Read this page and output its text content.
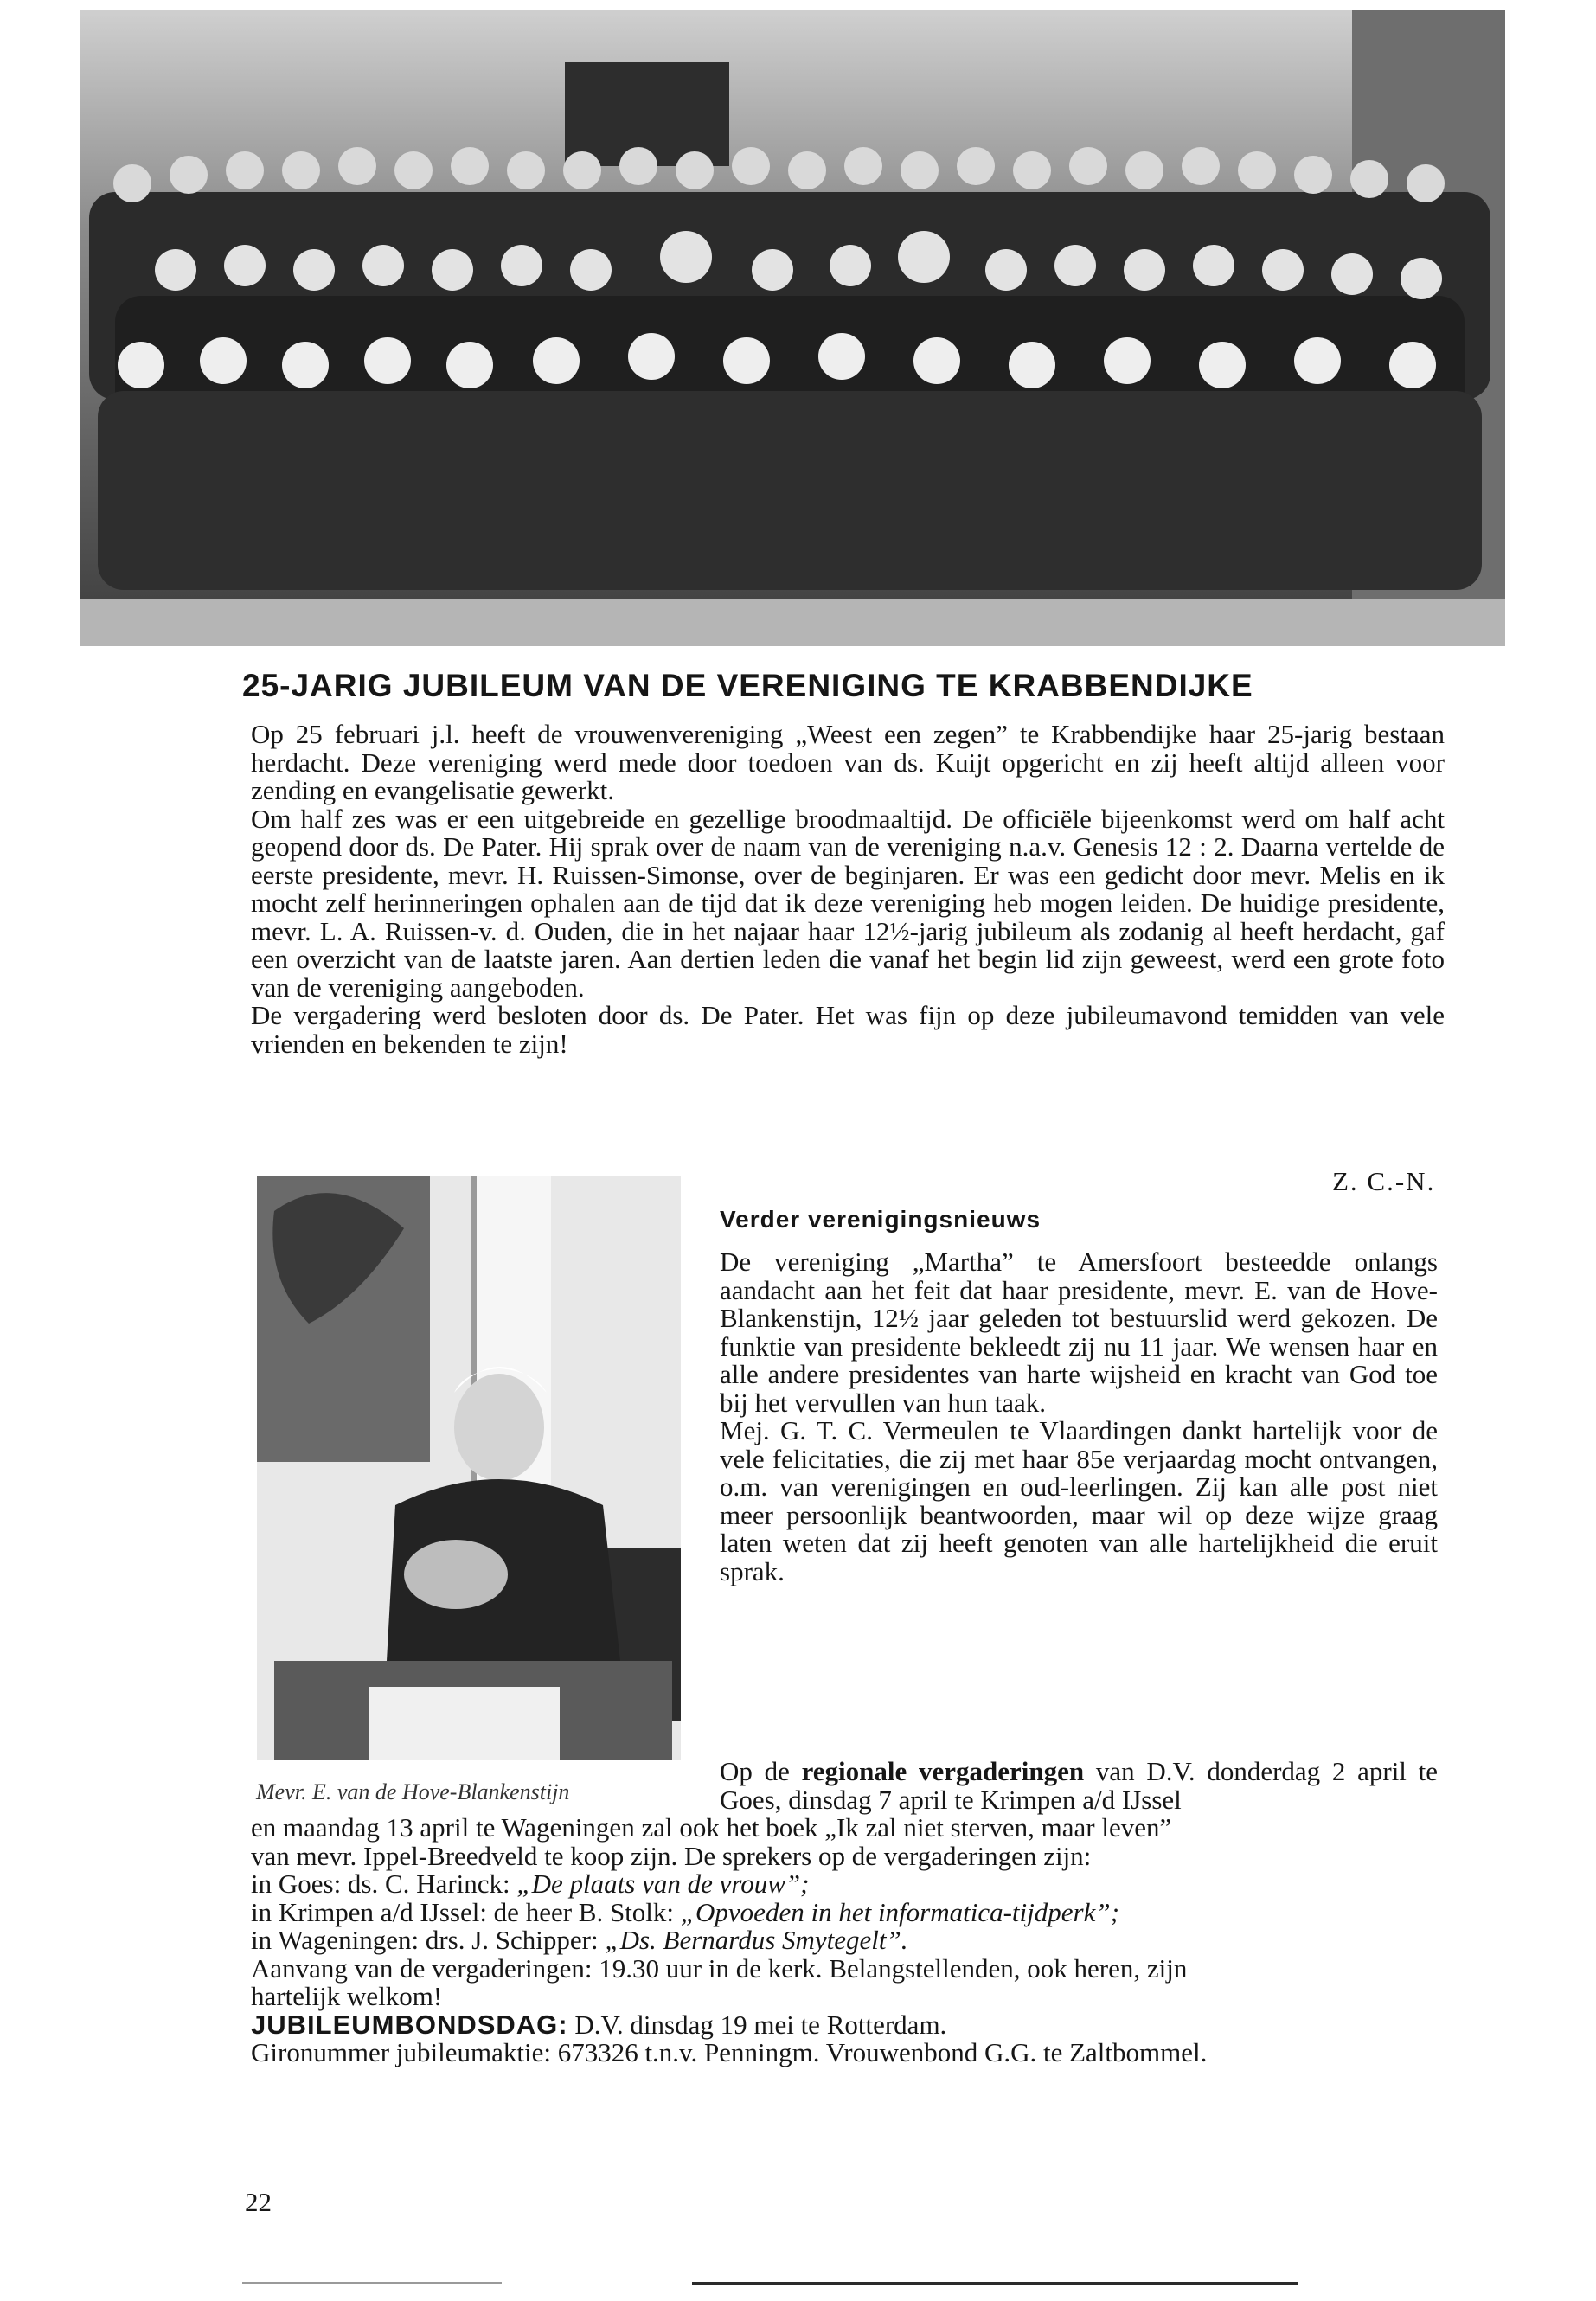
25-JARIG JUBILEUM VAN DE VERENIGING TE KRABBENDIJKE

Op 25 februari j.l. heeft de vrouwenvereniging „Weest een zegen” te Krabbendijke haar 25-jarig bestaan herdacht. Deze vereniging werd mede door toedoen van ds. Kuijt opgericht en zij heeft altijd alleen voor zending en evangelisatie gewerkt.

Om half zes was er een uitgebreide en gezellige broodmaaltijd. De officiële bijeenkomst werd om half acht geopend door ds. De Pater. Hij sprak over de naam van de vereniging n.a.v. Genesis 12 : 2. Daarna vertelde de eerste presidente, mevr. H. Ruissen-Simonse, over de beginjaren. Er was een gedicht door mevr. Melis en ik mocht zelf herinneringen ophalen aan de tijd dat ik deze vereniging heb mogen leiden. De huidige presidente, mevr. L. A. Ruissen-v. d. Ouden, die in het najaar haar 12½-jarig jubileum als zodanig al heeft herdacht, gaf een overzicht van de laatste jaren. Aan dertien leden die vanaf het begin lid zijn geweest, werd een grote foto van de vereniging aangeboden.

De vergadering werd besloten door ds. De Pater. Het was fijn op deze jubileumavond temidden van vele vrienden en bekenden te zijn!

Z. C.-N.
Verder verenigingsnieuws

De vereniging „Martha” te Amersfoort besteedde onlangs aandacht aan het feit dat haar presidente, mevr. E. van de Hove-Blankenstijn, 12½ jaar geleden tot bestuurslid werd gekozen. De funktie van presidente bekleedt zij nu 11 jaar. We wensen haar en alle andere presidentes van harte wijsheid en kracht van God toe bij het vervullen van hun taak.

Mej. G. T. C. Vermeulen te Vlaardingen dankt hartelijk voor de vele felicitaties, die zij met haar 85e verjaardag mocht ontvangen, o.m. van verenigingen en oud-leerlingen. Zij kan alle post niet meer persoonlijk beantwoorden, maar wil op deze wijze graag laten weten dat zij heeft genoten van alle hartelijkheid die eruit sprak.

Mevr. E. van de Hove-Blankenstijn
Op de regionale vergaderingen van D.V. donderdag 2 april te Goes, dinsdag 7 april te Krimpen a/d IJssel
en maandag 13 april te Wageningen zal ook het boek „Ik zal niet sterven, maar leven”
van mevr. Ippel-Breedveld te koop zijn. De sprekers op de vergaderingen zijn:
in Goes: ds. C. Harinck: „De plaats van de vrouw”;
in Krimpen a/d IJssel: de heer B. Stolk: „Opvoeden in het informatica-tijdperk”;
in Wageningen: drs. J. Schipper: „Ds. Bernardus Smytegelt”.
Aanvang van de vergaderingen: 19.30 uur in de kerk. Belangstellenden, ook heren, zijn
hartelijk welkom!
JUBILEUMBONDSDAG: D.V. dinsdag 19 mei te Rotterdam.
Gironummer jubileumaktie: 673326 t.n.v. Penningm. Vrouwenbond G.G. te Zaltbommel.
22
